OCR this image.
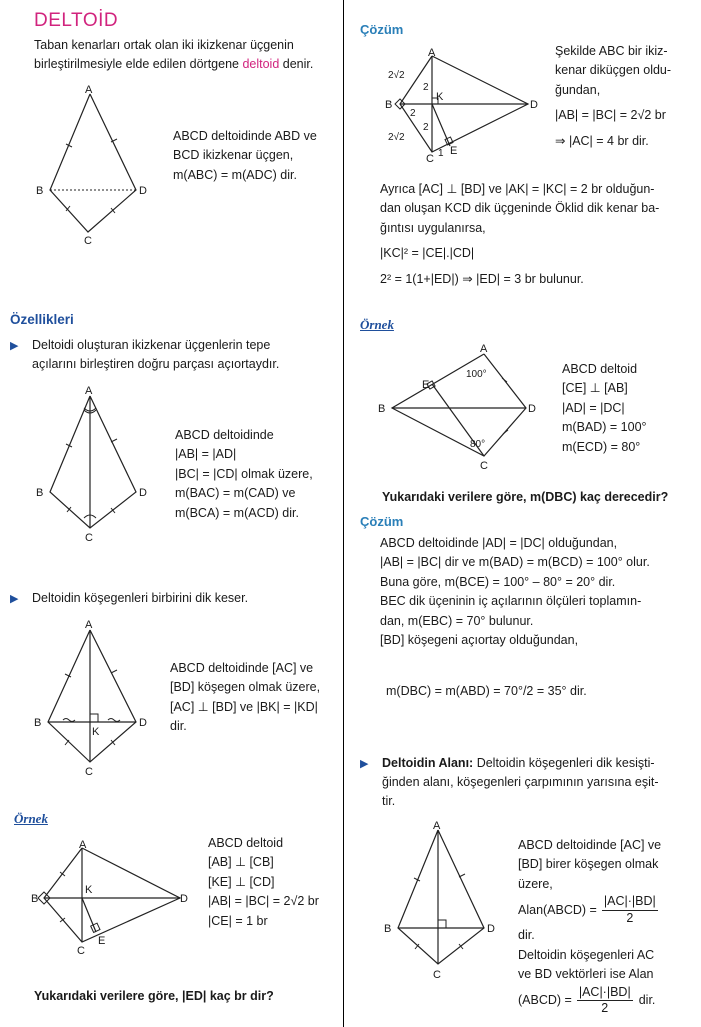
DELTOİD
Taban kenarları ortak olan iki ikizkenar üçgenin
birleştirilmesiyle elde edilen dörtgene deltoid denir.
A
B
C
D
ABCD deltoidinde ABD ve
BCD ikizkenar üçgen,
m(ABC) = m(ADC) dir.
Özellikleri
▶ Deltoidi oluşturan ikizkenar üçgenlerin tepe
açılarını birleştiren doğru parçası açıortaydır.
A
B
C
D
ABCD deltoidinde
|AB| = |AD|
|BC| = |CD| olmak üzere,
m(BAC) = m(CAD) ve
m(BCA) = m(ACD) dir.
▶ Deltoidin köşegenleri birbirini dik keser.
A
B
C
D
K
ABCD deltoidinde [AC] ve
[BD] köşegen olmak üzere,
[AC] ⊥ [BD] ve |BK| = |KD|
dir.
Örnek
A
B
C
D
K
E
ABCD deltoid
[AB] ⊥ [CB]
[KE] ⊥ [CD]
|AB| = |BC| = 2√2 br
|CE| = 1 br
Yukarıdaki verilere göre, |ED| kaç br dir?
Çözüm
A
B
C
D
K
E
2√2
2√2
2
2
2
1
Şekilde ABC bir ikiz-
kenar diküçgen oldu-
ğundan,
|AB| = |BC| = 2√2 br
⇒ |AC| = 4 br dir.
Ayrıca [AC] ⊥ [BD] ve |AK| = |KC| = 2 br olduğun-
dan oluşan KCD dik üçgeninde Öklid dik kenar ba-
ğıntısı uygulanırsa,
|KC|² = |CE|.|CD|
2² = 1(1+|ED|) ⇒ |ED| = 3 br bulunur.
Örnek
A
B
C
D
E
100°
80°
ABCD deltoid
[CE] ⊥ [AB]
|AD| = |DC|
m(BAD) = 100°
m(ECD) = 80°
Yukarıdaki verilere göre, m(DBC) kaç derecedir?
Çözüm
ABCD deltoidinde |AD| = |DC| olduğundan,
|AB| = |BC| dir ve m(BAD) = m(BCD) = 100° olur.
Buna göre, m(BCE) = 100° – 80° = 20° dir.
BEC dik üçeninin iç açılarının ölçüleri toplamın-
dan, m(EBC) = 70° bulunur.
[BD] köşegeni açıortay olduğundan,
m(DBC) = m(ABD) = 70°/2 = 35° dir.
▶ Deltoidin Alanı: Deltoidin köşegenleri dik kesişti-
ğinden alanı, köşegenleri çarpımının yarısına eşit-
tir.
A
B
C
D
ABCD deltoidinde [AC] ve
[BD] birer köşegen olmak
üzere,
Alan(ABCD) = $\frac{|AC|\cdot|BD|}{2}$
dir.
Deltoidin köşegenleri AC
ve BD vektörleri ise Alan
(ABCD) = $\frac{|AC|\cdot|BD|}{2}$ dir.
